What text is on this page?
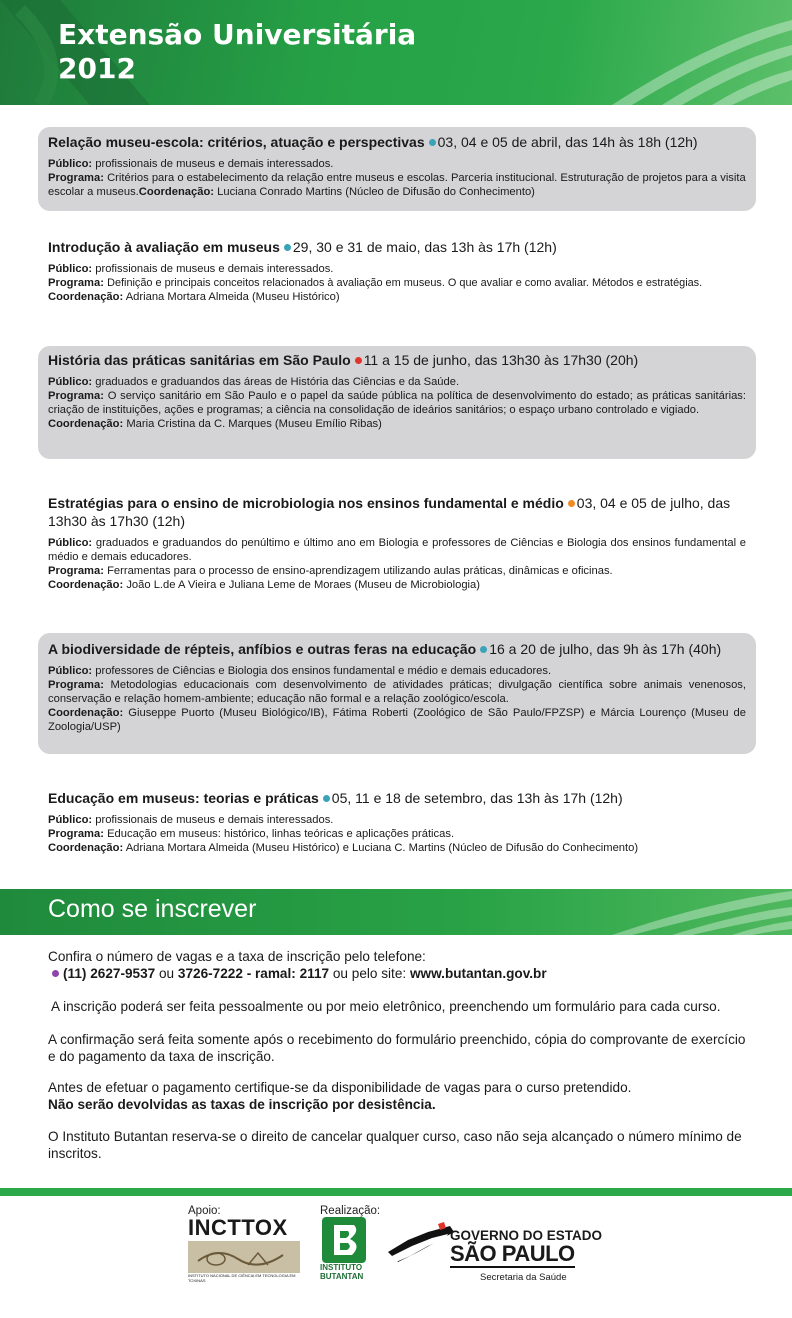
Extensão Universitária
2012
Relação museu-escola: critérios, atuação e perspectivas 03, 04 e 05 de abril, das 14h às 18h (12h)
Público: profissionais de museus e demais interessados.
Programa: Critérios para o estabelecimento da relação entre museus e escolas. Parceria institucional. Estruturação de projetos para a visita escolar a museus.Coordenação: Luciana Conrado Martins (Núcleo de Difusão do Conhecimento)
Introdução à avaliação em museus 29, 30 e 31 de maio, das 13h às 17h (12h)
Público: profissionais de museus e demais interessados.
Programa: Definição e principais conceitos relacionados à avaliação em museus. O que avaliar e como avaliar. Métodos e estratégias.
Coordenação: Adriana Mortara Almeida (Museu Histórico)
História das práticas sanitárias em São Paulo 11 a 15 de junho, das 13h30 às 17h30 (20h)
Público: graduados e graduandos das áreas de História das Ciências e da Saúde.
Programa: O serviço sanitário em São Paulo e o papel da saúde pública na política de desenvolvimento do estado; as práticas sanitárias: criação de instituições, ações e programas; a ciência na consolidação de ideários sanitários; o espaço urbano controlado e vigiado.
Coordenação: Maria Cristina da C. Marques (Museu Emílio Ribas)
Estratégias para o ensino de microbiologia nos ensinos fundamental e médio 03, 04 e 05 de julho, das 13h30 às 17h30 (12h)
Público: graduados e graduandos do penúltimo e último ano em Biologia e professores de Ciências e Biologia dos ensinos fundamental e médio e demais educadores.
Programa: Ferramentas para o processo de ensino-aprendizagem utilizando aulas práticas, dinâmicas e oficinas.
Coordenação: João L.de A Vieira e Juliana Leme de Moraes (Museu de Microbiologia)
A biodiversidade de répteis, anfíbios e outras feras na educação 16 a 20 de julho, das 9h às 17h (40h)
Público: professores de Ciências e Biologia dos ensinos fundamental e médio e demais educadores.
Programa: Metodologias educacionais com desenvolvimento de atividades práticas; divulgação científica sobre animais venenosos, conservação e relação homem-ambiente; educação não formal e a relação zoológico/escola.
Coordenação: Giuseppe Puorto (Museu Biológico/IB), Fátima Roberti (Zoológico de São Paulo/FPZSP) e Márcia Lourenço (Museu de Zoologia/USP)
Educação em museus: teorias e práticas 05, 11 e 18 de setembro, das 13h às 17h (12h)
Público: profissionais de museus e demais interessados.
Programa: Educação em museus: histórico, linhas teóricas e aplicações práticas.
Coordenação: Adriana Mortara Almeida (Museu Histórico) e Luciana C. Martins (Núcleo de Difusão do Conhecimento)
Como se inscrever
Confira o número de vagas e a taxa de inscrição pelo telefone:
(11) 2627-9537 ou 3726-7222 - ramal: 2117 ou pelo site: www.butantan.gov.br
A inscrição poderá ser feita pessoalmente ou por meio eletrônico, preenchendo um formulário para cada curso.
A confirmação será feita somente após o recebimento do formulário preenchido, cópia do comprovante de exercício e do pagamento da taxa de inscrição.
Antes de efetuar o pagamento certifique-se da disponibilidade de vagas para o curso pretendido.
Não serão devolvidas as taxas de inscrição por desistência.
O Instituto Butantan reserva-se o direito de cancelar qualquer curso, caso não seja alcançado o número mínimo de inscritos.
Apoio:
INCTTOX
INSTITUTO NACIONAL DE CIÊNCIA EM TECNOLOGIA EM TOXINAS
Realização:
INSTITUTO
BUTANTAN
GOVERNO DO ESTADO
SÃO PAULO
Secretaria da Saúde
